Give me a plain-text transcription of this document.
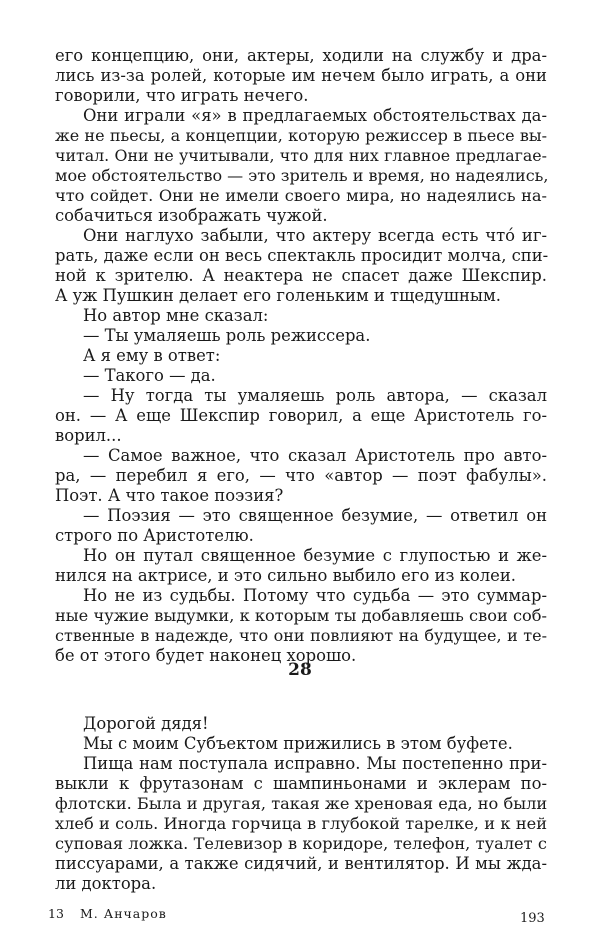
его концепцию, они, актеры, ходили на службу и дра-
лись из-за ролей, которые им нечем было играть, а они
говорили, что играть нечего.
Они играли «я» в предлагаемых обстоятельствах да-
же не пьесы, а концепции, которую режиссер в пьесе вы-
читал. Они не учитывали, что для них главное предлагае-
мое обстоятельство — это зритель и время, но надеялись,
что сойдет. Они не имели своего мира, но надеялись на-
собачиться изображать чужой.
Они наглухо забыли, что актеру всегда есть что́ иг-
рать, даже если он весь спектакль просидит молча, спи-
ной к зрителю. А неактера не спасет даже Шекспир.
А уж Пушкин делает его голеньким и тщедушным.
Но автор мне сказал:
— Ты умаляешь роль режиссера.
А я ему в ответ:
— Такого — да.
— Ну тогда ты умаляешь роль автора, — сказал
он. — А еще Шекспир говорил, а еще Аристотель го-
ворил...
— Самое важное, что сказал Аристотель про авто-
ра, — перебил я его, — что «автор — поэт фабулы».
Поэт. А что такое поэзия?
— Поэзия — это священное безумие, — ответил он
строго по Аристотелю.
Но он путал священное безумие с глупостью и же-
нился на актрисе, и это сильно выбило его из колеи.
Но не из судьбы. Потому что судьба — это суммар-
ные чужие выдумки, к которым ты добавляешь свои соб-
ственные в надежде, что они повлияют на будущее, и те-
бе от этого будет наконец хорошо.
28
Дорогой дядя!
Мы с моим Субъектом прижились в этом буфете.
Пища нам поступала исправно. Мы постепенно при-
выкли к фрутазонам с шампиньонами и эклерам по-
флотски. Была и другая, такая же хреновая еда, но были
хлеб и соль. Иногда горчица в глубокой тарелке, и к ней
суповая ложка. Телевизор в коридоре, телефон, туалет с
писсуарами, а также сидячий, и вентилятор. И мы жда-
ли доктора.
13 М. Анчаров	193
